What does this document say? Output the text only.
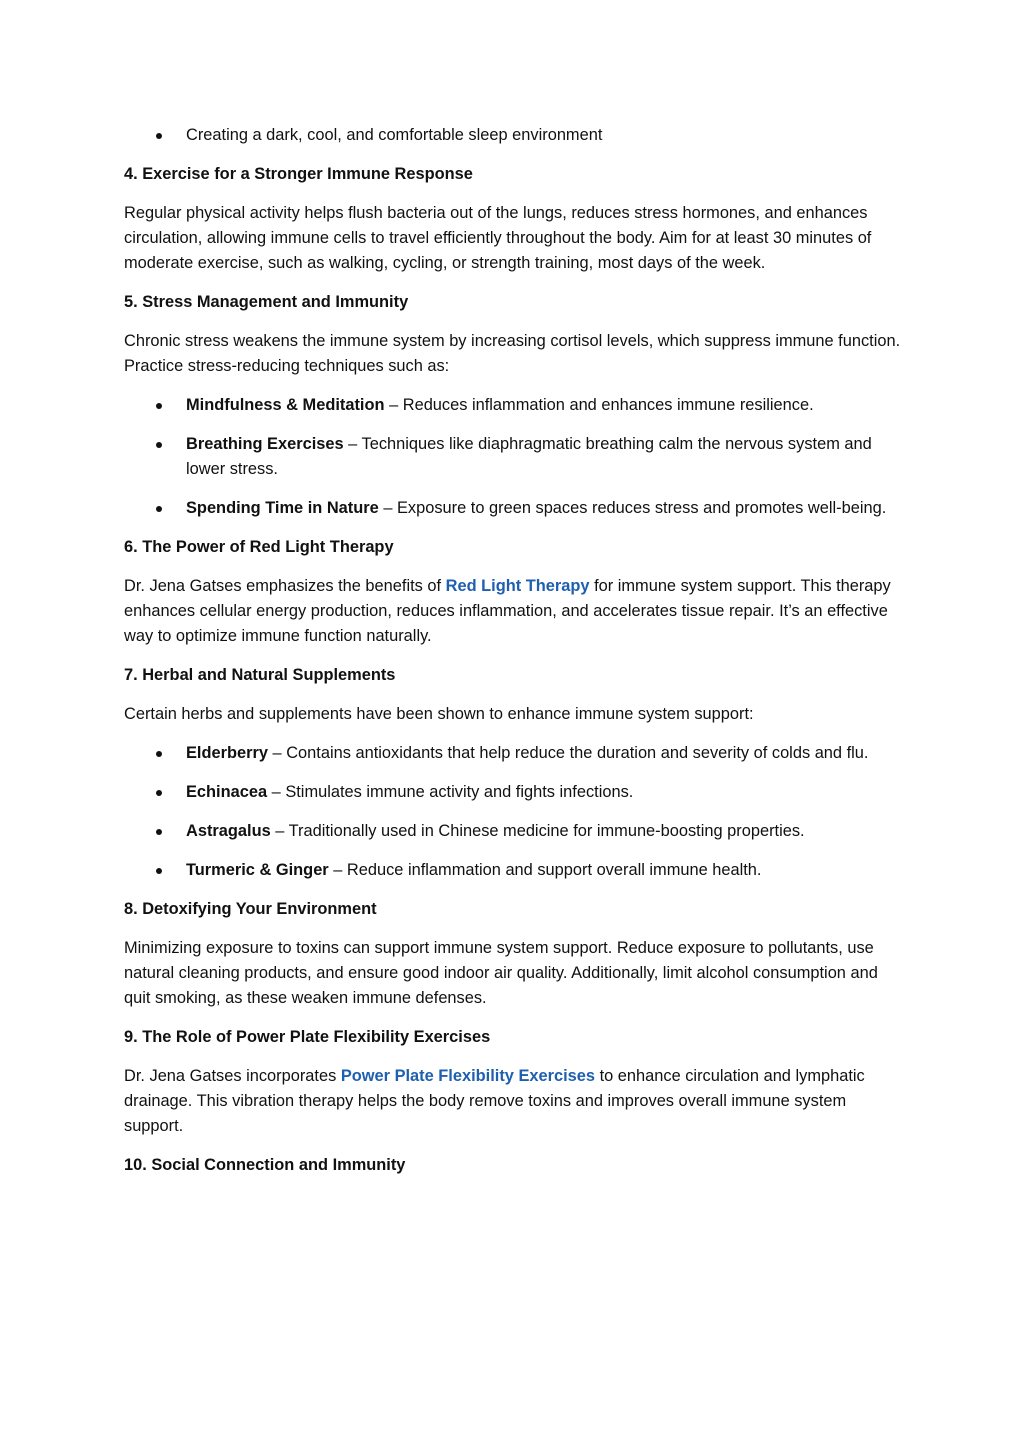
Creating a dark, cool, and comfortable sleep environment
4. Exercise for a Stronger Immune Response
Regular physical activity helps flush bacteria out of the lungs, reduces stress hormones, and enhances circulation, allowing immune cells to travel efficiently throughout the body. Aim for at least 30 minutes of moderate exercise, such as walking, cycling, or strength training, most days of the week.
5. Stress Management and Immunity
Chronic stress weakens the immune system by increasing cortisol levels, which suppress immune function. Practice stress-reducing techniques such as:
Mindfulness & Meditation – Reduces inflammation and enhances immune resilience.
Breathing Exercises – Techniques like diaphragmatic breathing calm the nervous system and lower stress.
Spending Time in Nature – Exposure to green spaces reduces stress and promotes well-being.
6. The Power of Red Light Therapy
Dr. Jena Gatses emphasizes the benefits of Red Light Therapy for immune system support. This therapy enhances cellular energy production, reduces inflammation, and accelerates tissue repair. It’s an effective way to optimize immune function naturally.
7. Herbal and Natural Supplements
Certain herbs and supplements have been shown to enhance immune system support:
Elderberry – Contains antioxidants that help reduce the duration and severity of colds and flu.
Echinacea – Stimulates immune activity and fights infections.
Astragalus – Traditionally used in Chinese medicine for immune-boosting properties.
Turmeric & Ginger – Reduce inflammation and support overall immune health.
8. Detoxifying Your Environment
Minimizing exposure to toxins can support immune system support. Reduce exposure to pollutants, use natural cleaning products, and ensure good indoor air quality. Additionally, limit alcohol consumption and quit smoking, as these weaken immune defenses.
9. The Role of Power Plate Flexibility Exercises
Dr. Jena Gatses incorporates Power Plate Flexibility Exercises to enhance circulation and lymphatic drainage. This vibration therapy helps the body remove toxins and improves overall immune system support.
10. Social Connection and Immunity
